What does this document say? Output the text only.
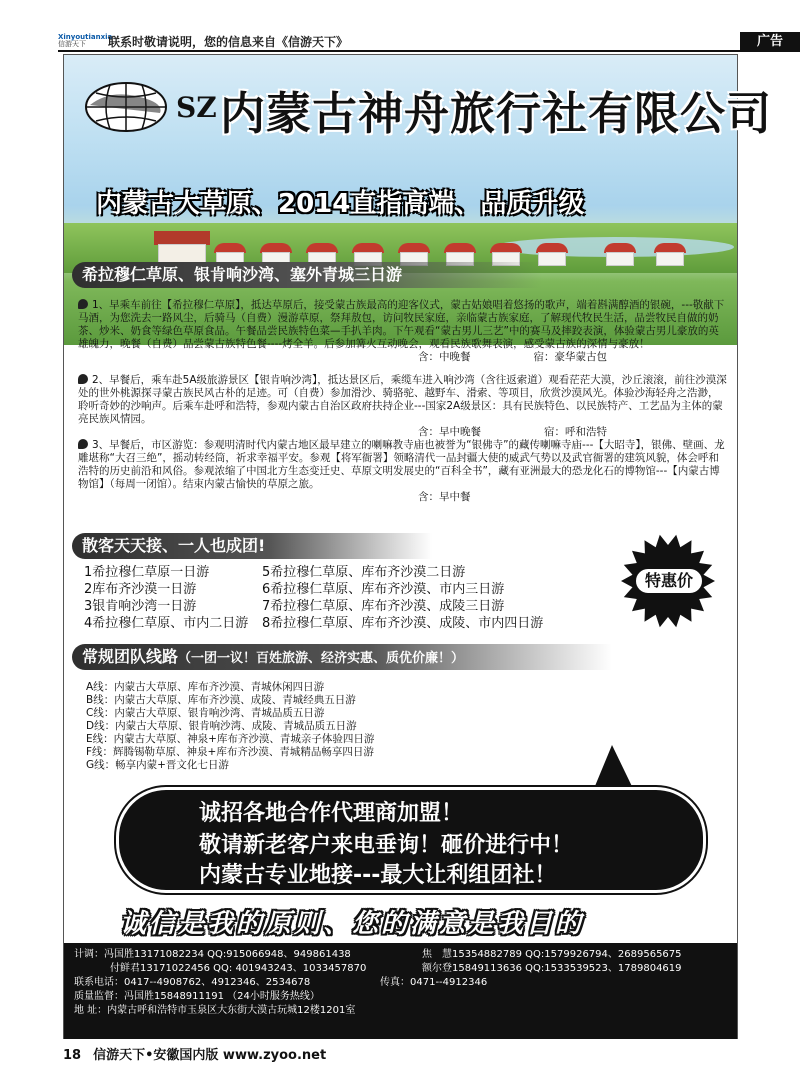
Xinyoutianxia
信游天下	联系时敬请说明，您的信息来自《信游天下》	广告
SZ 内蒙古神舟旅行社有限公司
内蒙古大草原、2014直指高端、品质升级
希拉穆仁草原、银肯响沙湾、塞外青城三日游
1、早乘车前往【希拉穆仁草原】，抵达草原后，接受蒙古族最高的迎客仪式，蒙古姑娘唱着悠扬的歌声，端着斟满醇酒的银碗，---敬献下马酒，为您洗去一路风尘，后骑马（自费）漫游草原，祭拜敖包，访问牧民家庭，亲临蒙古族家庭，了解现代牧民生活，品尝牧民自做的奶茶、炒米、奶食等绿色草原食品。午餐品尝民族特色菜—手扒羊肉。下午观看“蒙古男儿三艺”中的赛马及摔跤表演，体验蒙古男儿豪放的英雄魄力，晚餐（自费）品尝蒙古族特色餐----烤全羊。后参加篝火互动晚会，观看民族歌舞表演，感受蒙古族的深情与豪放！
含：中晚餐　　　　　　	宿：豪华蒙古包
2、早餐后，乘车赴5A级旅游景区【银肯响沙湾】，抵达景区后，乘缆车进入响沙湾（含往返索道）观看茫茫大漠，沙丘滚滚，前往沙漠深处的世外桃源探寻蒙古族民风古朴的足迹。可（自费）参加滑沙、骑骆驼、越野车、滑索、等项目，欣赏沙漠风光。体验沙海轻舟之浩渺，聆听奇妙的沙响声。后乘车赴呼和浩特，参观内蒙古自治区政府扶持企业---国家2A级景区：具有民族特色、以民族特产、工艺品为主体的蒙亮民族风情园。
含：早中晚餐　　　　　　	宿：呼和浩特
3、早餐后，市区游览：参观明清时代内蒙古地区最早建立的喇嘛教寺庙也被誉为“银佛寺”的藏传喇嘛寺庙---【大昭寺】，银佛、壁画、龙雕堪称“大召三绝”，摇动转经筒，祈求幸福平安。参观【将军衙署】领略清代一品封疆大使的威武气势以及武官衙署的建筑风貌，体会呼和浩特的历史前沿和风俗。参观浓缩了中国北方生态变迁史、草原文明发展史的“百科全书”，藏有亚洲最大的恐龙化石的博物馆---【内蒙古博物馆】（每周一闭馆）。结束内蒙古愉快的草原之旅。
含：早中餐
散客天天接、一人也成团!
特惠价
1希拉穆仁草原一日游	5希拉穆仁草原、库布齐沙漠二日游
2库布齐沙漠一日游	6希拉穆仁草原、库布齐沙漠、市内三日游
3银肯响沙湾一日游	7希拉穆仁草原、库布齐沙漠、成陵三日游
4希拉穆仁草原、市内二日游 8希拉穆仁草原、库布齐沙漠、成陵、市内四日游
常规团队线路（一团一议！百姓旅游、经济实惠、质优价廉！）
A线：内蒙古大草原、库布齐沙漠、青城休闲四日游
B线：内蒙古大草原、库布齐沙漠、成陵、青城经典五日游
C线：内蒙古大草原、银肯响沙湾、青城品质五日游
D线：内蒙古大草原、银肯响沙湾、成陵、青城品质五日游
E线：内蒙古大草原、神泉+库布齐沙漠、青城亲子体验四日游
F线：辉腾锡勒草原、神泉+库布齐沙漠、青城精品畅享四日游
G线：畅享内蒙+晋文化七日游
诚招各地合作代理商加盟！
敬请新老客户来电垂询！砸价进行中！
内蒙古专业地接---最大让利组团社！
诚信是我的原则、您的满意是我目的
计调：冯国胜13171082234 QQ:915066948、949861438	焦　慧15354882789 QQ:1579926794、2689565675
付鲜君13171022456 QQ: 401943243、1033457870	额尔登15849113636 QQ:1533539523、1789804619
联系电话：0417--4908762、4912346、2534678	传真：0471--4912346
质量监督：冯国胜15848911191 （24小时服务热线）
地 址：内蒙古呼和浩特市玉泉区大东街大漠古玩城12楼1201室
18 信游天下•安徽国内版 www.zyoo.net
